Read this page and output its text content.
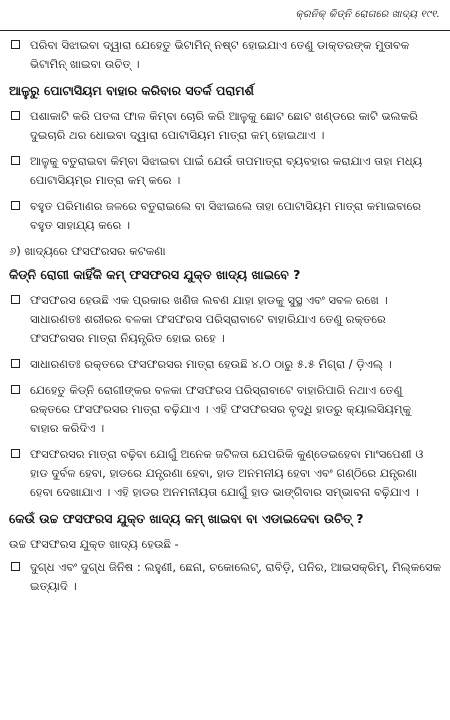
କ୍ରନିକ୍ କିଡ୍ନି ରୋଗରେ ଖାଦ୍ୟ ୧୯୧.
ପରିବା ସିଝାଇବା ଦ୍ୱାରା ଯେହେତୁ ଭିଟାମିନ୍ ନଷ୍ଟ ହୋଇଯାଏ ତେଣୁ ଡାକ୍ତରଙ୍କ ମୁତାବକ ଭିଟାମିନ୍ ଖାଇବା ଉଚିତ୍ ।
ଆଳୁରୁ ପୋଟାସିୟମ ବାହାର କରିବାର ସତର୍କ ପରାମର୍ଶ
ପଶାକାଟି କରି ପତଳା ଫାଳ କିମ୍ବା ଚୋରି କରି ଆଳୁକୁ ଛୋଟ ଛୋଟ ଖଣ୍ଡରେ କାଟି ଭଲକରି ଦୁଇଚାରି ଥର ଧୋଇବା ଦ୍ୱାରା ପୋଟାସିୟମ ମାତ୍ରା କମ୍ ହୋଇଥାଏ ।
ଆଳୁକୁ ବତୁରାଇବା କିମ୍ବା ସିଝାଇବା ପାଇଁ ଯେଉଁ ତାପମାତ୍ରା ବ୍ୟବହାର କରାଯାଏ ତାହା ମଧ୍ୟ ପୋଟାସିୟମ୍‌ର ମାତ୍ରା କମ୍ କରେ ।
ବହୁତ ପରିମାଣର ଜଳରେ ବତୁରାଇଲେ ବା ସିଝାଇଲେ ତାହା ପୋଟାସିୟମ ମାତ୍ରା କମାଇବାରେ ବହୁତ ସାହାଯ୍ୟ କରେ ।
୬) ଖାଦ୍ୟରେ ଫସଫରସର କଟକଣା
କିଡ୍ନି ରୋଗୀ କାହିଁକି କମ୍ ଫସଫରସ ଯୁକ୍ତ ଖାଦ୍ୟ ଖାଇବେ ?
ଫସଫରସ ହେଉଛି ଏକ ପ୍ରକାର ଖଣିଜ ଲବଣ ଯାହା ହାଡକୁ ସୁସ୍ଥ ଏବଂ ସବଳ ରଖେ । ସାଧାରଣତଃ ଶରୀରର ବଳକା ଫସଫରସ ପରିସ୍ରାବାଟେ ବାହାରିଯାଏ ତେଣୁ ରକ୍ତରେ ଫସଫରସର ମାତ୍ରା ନିୟନ୍ତ୍ରିତ ହୋଇ ରହେ ।
ସାଧାରଣତଃ ରକ୍ତରେ ଫସଫରସର ମାତ୍ରା ହେଉଛି ୪.୦ ଠାରୁ ୫.୫ ମିଗ୍ରା / ଡ଼ିଏଲ୍ ।
ଯେହେତୁ କିଡ୍ନି ରୋଗୀଙ୍କର ବଳକା ଫସଫରସ ପରିସ୍ରାବାଟେ ବାହାରିପାରି ନଥାଏ ତେଣୁ ରକ୍ତରେ ଫସଫରସର ମାତ୍ରା ବଢ଼ିଯାଏ । ଏହି ଫସଫରସର ବୃଦ୍ଧି ହାଡରୁ କ୍ୟାଲସିୟମ୍‌କୁ ବାହାର କରିଦିଏ ।
ଫସଫରସର ମାତ୍ରା ବଢ଼ିବା ଯୋଗୁଁ ଅନେକ ଜଟିଳତା ଯେପରିକି କୁଣ୍ଡେଇହେବା ମାଂସପେଶୀ ଓ ହାଡ ଦୁର୍ବଳ ହେବା, ହାଡରେ ଯନ୍ତ୍ରଣା ହେବା, ହାଡ ଅନମନୀୟ ହେବା ଏବଂ ଗଣ୍ଠିରେ ଯନ୍ତ୍ରଣା ହେବା ଦେଖାଯାଏ । ଏହି ହାଡର ଅନମନୀୟତା ଯୋଗୁଁ ହାଡ ଭାଙ୍ଗିବାର ସମ୍ଭାବନା ବଢ଼ିଯାଏ ।
କେଉଁ ଉଚ୍ଚ ଫସଫରସ ଯୁକ୍ତ ଖାଦ୍ୟ କମ୍ ଖାଇବା ବା ଏଡାଇଦେବା ଉଚିତ୍ ?
ଉଚ୍ଚ ଫସଫରସ ଯୁକ୍ତ ଖାଦ୍ୟ ହେଉଛି -
ଦୁଗ୍ଧ ଏବଂ ଦୁଗ୍ଧ ଜିନିଷ : ଲହୁଣୀ, ଛେନା, ଚକୋଲେଟ୍, ରାବିଡ଼ି, ପନିର, ଆଇସକ୍ରିମ୍, ମିଲ୍କସେକ ଇତ୍ୟାଦି ।
